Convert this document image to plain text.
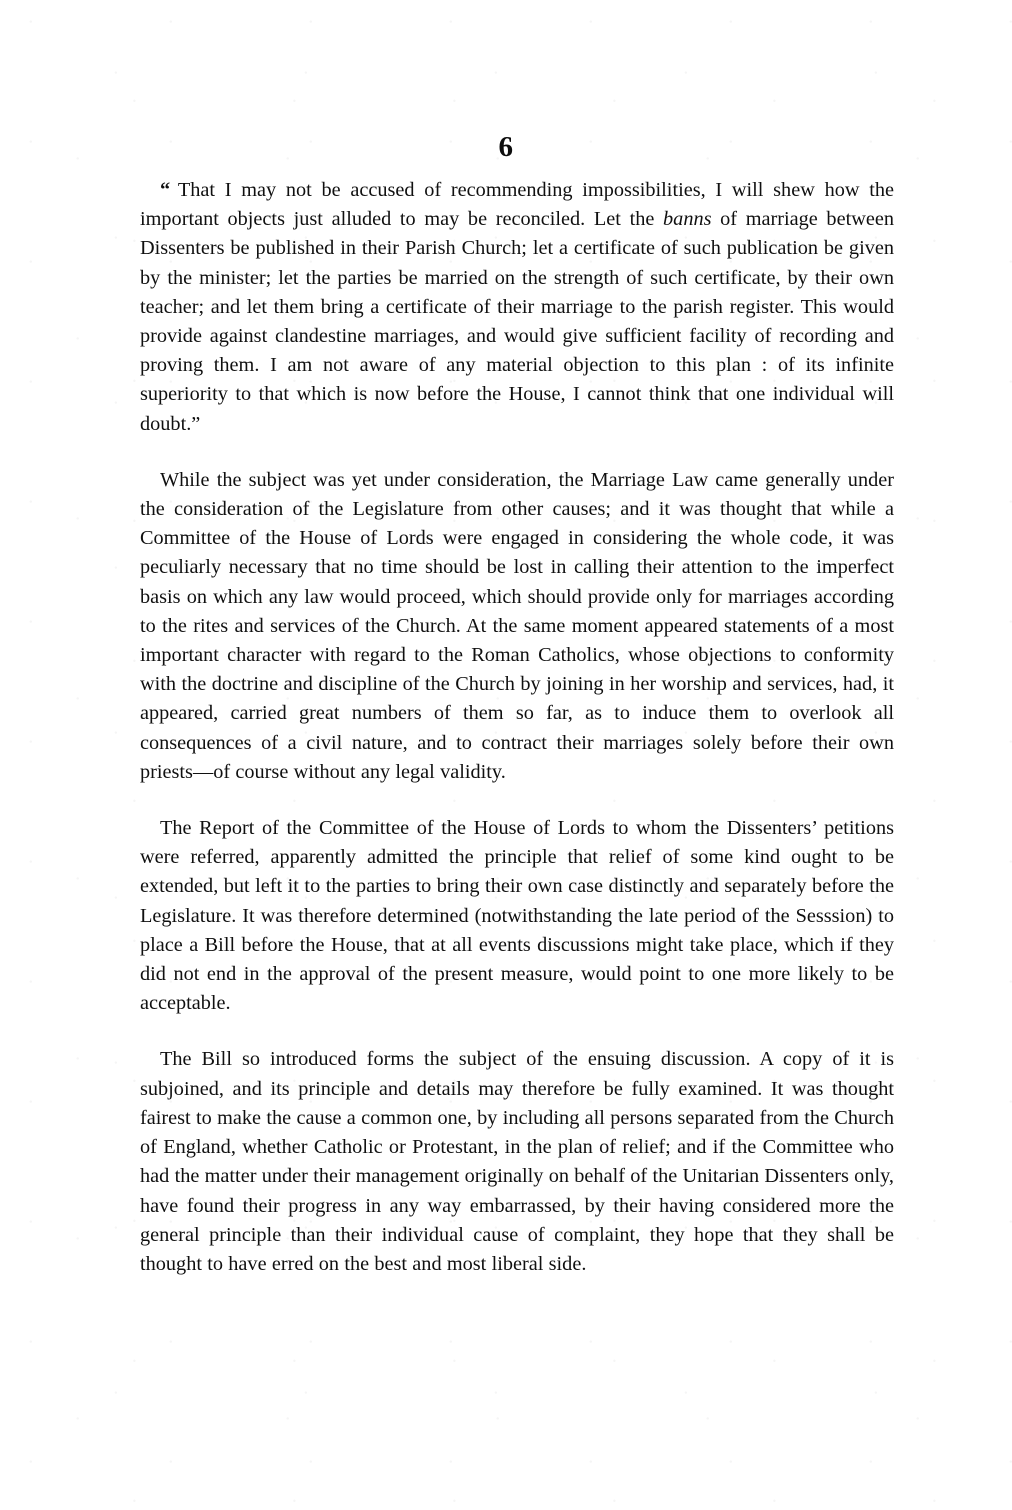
6

“ That I may not be accused of recommending impossibilities, I will shew how the important objects just alluded to may be reconciled. Let the banns of marriage between Dissenters be published in their Parish Church; let a certificate of such publication be given by the minister; let the parties be married on the strength of such certificate, by their own teacher; and let them bring a certificate of their marriage to the parish register. This would provide against clandestine marriages, and would give sufficient facility of recording and proving them. I am not aware of any material objection to this plan : of its infinite superiority to that which is now before the House, I cannot think that one individual will doubt.”

While the subject was yet under consideration, the Marriage Law came generally under the consideration of the Legislature from other causes; and it was thought that while a Committee of the House of Lords were engaged in considering the whole code, it was peculiarly necessary that no time should be lost in calling their attention to the imperfect basis on which any law would proceed, which should provide only for marriages according to the rites and services of the Church. At the same moment appeared statements of a most important character with regard to the Roman Catholics, whose objections to conformity with the doctrine and discipline of the Church by joining in her worship and services, had, it appeared, carried great numbers of them so far, as to induce them to overlook all consequences of a civil nature, and to contract their marriages solely before their own priests—of course without any legal validity.

The Report of the Committee of the House of Lords to whom the Dissenters’ petitions were referred, apparently admitted the principle that relief of some kind ought to be extended, but left it to the parties to bring their own case distinctly and separately before the Legislature. It was therefore determined (notwithstanding the late period of the Sesssion) to place a Bill before the House, that at all events discussions might take place, which if they did not end in the approval of the present measure, would point to one more likely to be acceptable.

The Bill so introduced forms the subject of the ensuing discussion. A copy of it is subjoined, and its principle and details may therefore be fully examined. It was thought fairest to make the cause a common one, by including all persons separated from the Church of England, whether Catholic or Protestant, in the plan of relief; and if the Committee who had the matter under their management originally on behalf of the Unitarian Dissenters only, have found their progress in any way embarrassed, by their having considered more the general principle than their individual cause of complaint, they hope that they shall be thought to have erred on the best and most liberal side.
